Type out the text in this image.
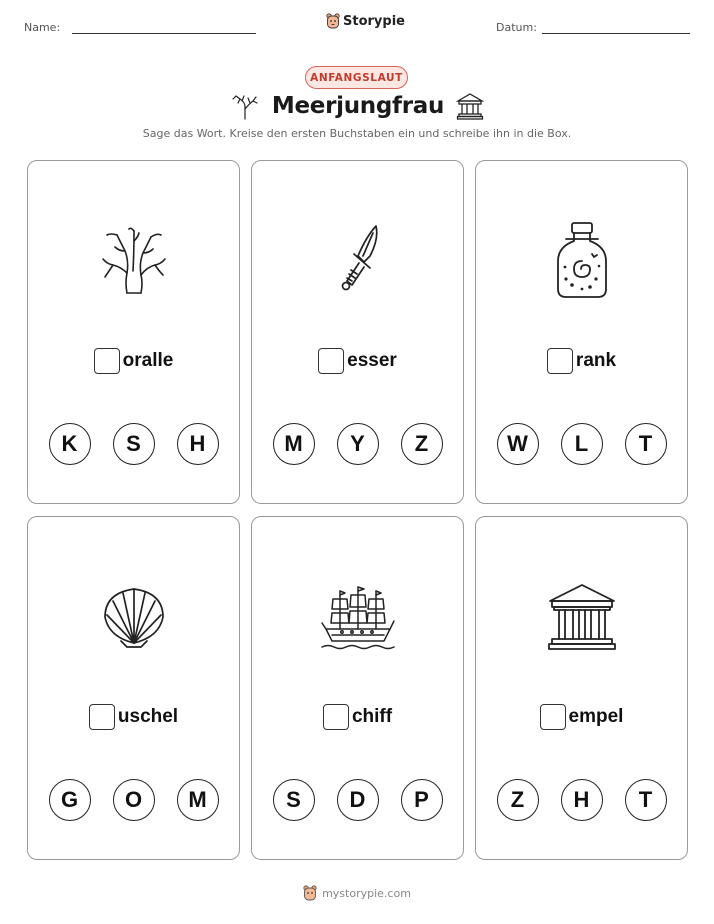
Name:	Storypie	Datum:
ANFANGSLAUT
Meerjungfrau

Sage das Wort. Kreise den ersten Buchstaben ein und schreibe ihn in die Box.

oralle
K	S	H
esser
M	Y	Z
rank
W	L	T
uschel
G	O	M
chiff
S	D	P
empel
Z	H	T
mystorypie.com
